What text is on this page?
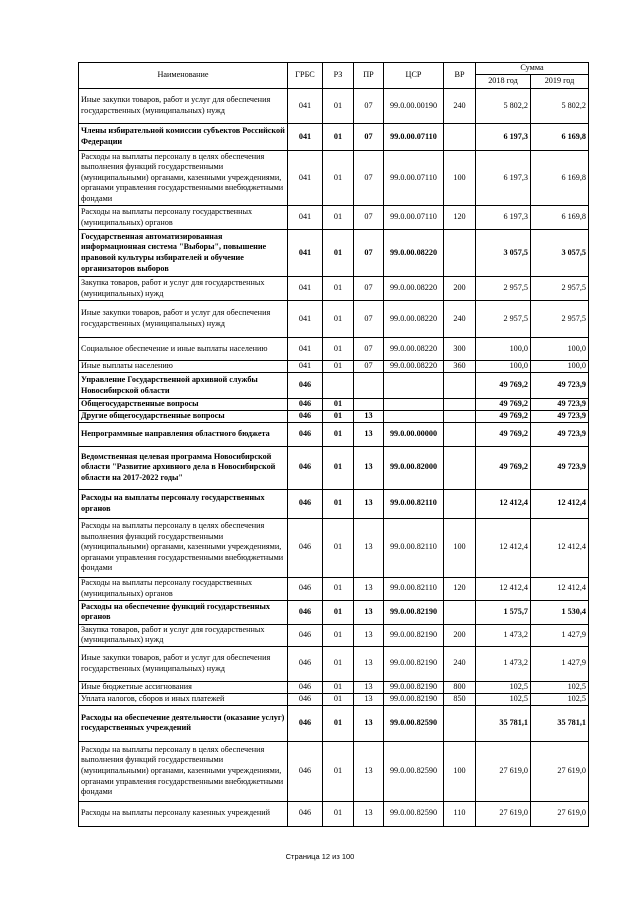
Наименование	ГРБС	РЗ	ПР	ЦСР	ВР	Сумма	
						2018 год	2019 год
Иные закупки товаров, работ и услуг для обеспечения государственных (муниципальных) нужд	041	01	07	99.0.00.00190	240	5 802,2	5 802,2
Члены избирательной комиссии субъектов Российской Федерации	041	01	07	99.0.00.07110		6 197,3	6 169,8
Расходы на выплаты персоналу в целях обеспечения выполнения функций государственными (муниципальными) органами, казенными учреждениями, органами управления государственными внебюджетными фондами	041	01	07	99.0.00.07110	100	6 197,3	6 169,8
Расходы на выплаты персоналу государственных (муниципальных) органов	041	01	07	99.0.00.07110	120	6 197,3	6 169,8
Государственная автоматизированная информационная система "Выборы", повышение правовой культуры избирателей и обучение организаторов выборов	041	01	07	99.0.00.08220		3 057,5	3 057,5
Закупка товаров, работ и услуг для государственных (муниципальных) нужд	041	01	07	99.0.00.08220	200	2 957,5	2 957,5
Иные закупки товаров, работ и услуг для обеспечения государственных (муниципальных) нужд	041	01	07	99.0.00.08220	240	2 957,5	2 957,5
Социальное обеспечение и иные выплаты населению	041	01	07	99.0.00.08220	300	100,0	100,0
Иные выплаты населению	041	01	07	99.0.00.08220	360	100,0	100,0
Управление Государственной архивной службы Новосибирской области	046					49 769,2	49 723,9
Общегосударственные вопросы	046	01				49 769,2	49 723,9
Другие общегосударственные вопросы	046	01	13			49 769,2	49 723,9
Непрограммные направления областного бюджета	046	01	13	99.0.00.00000		49 769,2	49 723,9
Ведомственная целевая программа Новосибирской области "Развитие архивного дела в Новосибирской области на 2017-2022 годы"	046	01	13	99.0.00.82000		49 769,2	49 723,9
Расходы на выплаты персоналу государственных органов	046	01	13	99.0.00.82110		12 412,4	12 412,4
Расходы на выплаты персоналу в целях обеспечения выполнения функций государственными (муниципальными) органами, казенными учреждениями, органами управления государственными внебюджетными фондами	046	01	13	99.0.00.82110	100	12 412,4	12 412,4
Расходы на выплаты персоналу государственных (муниципальных) органов	046	01	13	99.0.00.82110	120	12 412,4	12 412,4
Расходы на обеспечение функций государственных органов	046	01	13	99.0.00.82190		1 575,7	1 530,4
Закупка товаров, работ и услуг для государственных (муниципальных) нужд	046	01	13	99.0.00.82190	200	1 473,2	1 427,9
Иные закупки товаров, работ и услуг для обеспечения государственных (муниципальных) нужд	046	01	13	99.0.00.82190	240	1 473,2	1 427,9
Иные бюджетные ассигнования	046	01	13	99.0.00.82190	800	102,5	102,5
Уплата налогов, сборов и иных платежей	046	01	13	99.0.00.82190	850	102,5	102,5
Расходы на обеспечение деятельности (оказание услуг) государственных учреждений	046	01	13	99.0.00.82590		35 781,1	35 781,1
Расходы на выплаты персоналу в целях обеспечения выполнения функций государственными (муниципальными) органами, казенными учреждениями, органами управления государственными внебюджетными фондами	046	01	13	99.0.00.82590	100	27 619,0	27 619,0
Расходы на выплаты персоналу казенных учреждений	046	01	13	99.0.00.82590	110	27 619,0	27 619,0
Страница 12 из 100
